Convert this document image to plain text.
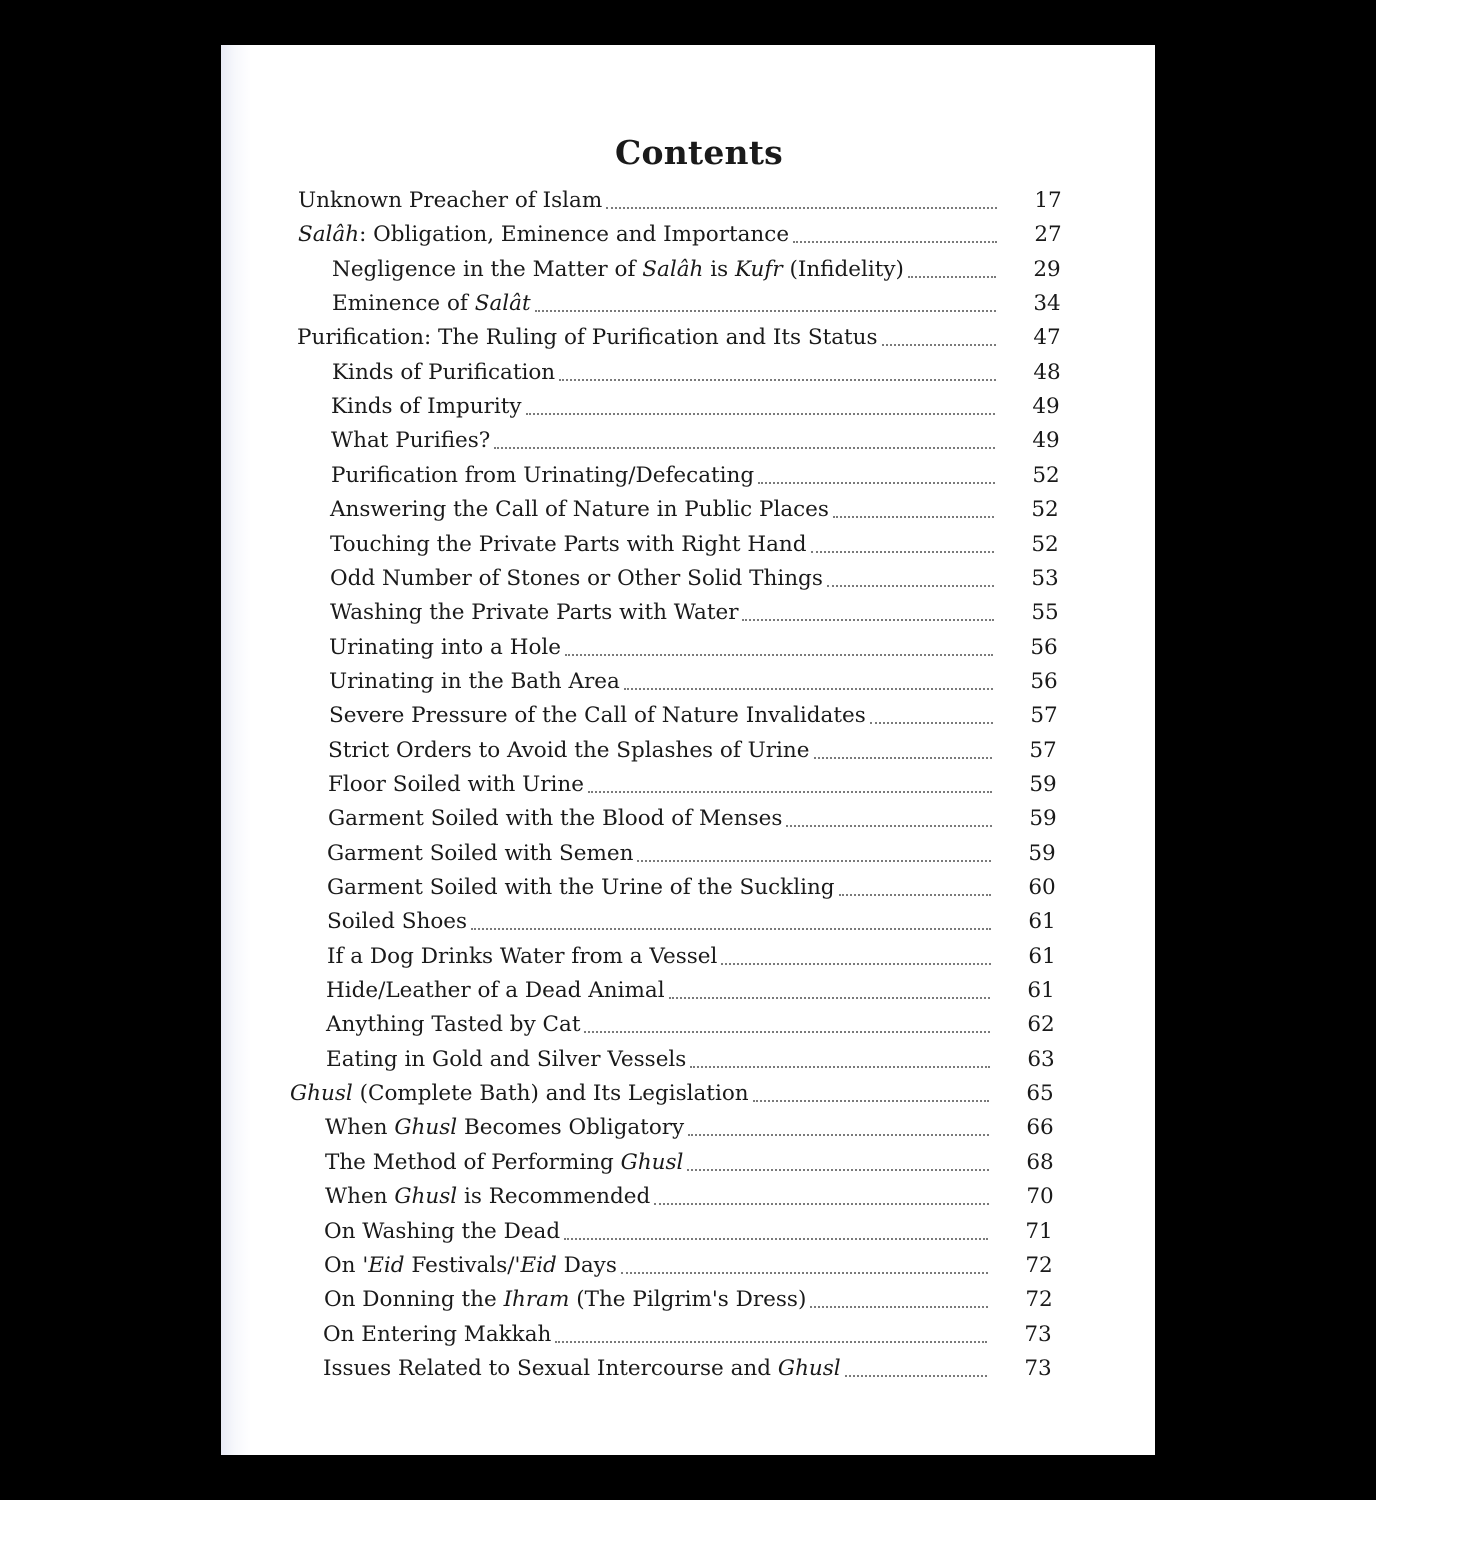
Contents
Unknown Preacher of Islam	17
Salâh: Obligation, Eminence and Importance	27
Negligence in the Matter of Salâh is Kufr (Infidelity)	29
Eminence of Salât	34
Purification: The Ruling of Purification and Its Status	47
Kinds of Purification	48
Kinds of Impurity	49
What Purifies?	49
Purification from Urinating/Defecating	52
Answering the Call of Nature in Public Places	52
Touching the Private Parts with Right Hand	52
Odd Number of Stones or Other Solid Things	53
Washing the Private Parts with Water	55
Urinating into a Hole	56
Urinating in the Bath Area	56
Severe Pressure of the Call of Nature Invalidates	57
Strict Orders to Avoid the Splashes of Urine	57
Floor Soiled with Urine	59
Garment Soiled with the Blood of Menses	59
Garment Soiled with Semen	59
Garment Soiled with the Urine of the Suckling	60
Soiled Shoes	61
If a Dog Drinks Water from a Vessel	61
Hide/Leather of a Dead Animal	61
Anything Tasted by Cat	62
Eating in Gold and Silver Vessels	63
Ghusl (Complete Bath) and Its Legislation	65
When Ghusl Becomes Obligatory	66
The Method of Performing Ghusl	68
When Ghusl is Recommended	70
On Washing the Dead	71
On 'Eid Festivals/'Eid Days	72
On Donning the Ihram (The Pilgrim's Dress)	72
On Entering Makkah	73
Issues Related to Sexual Intercourse and Ghusl	73
